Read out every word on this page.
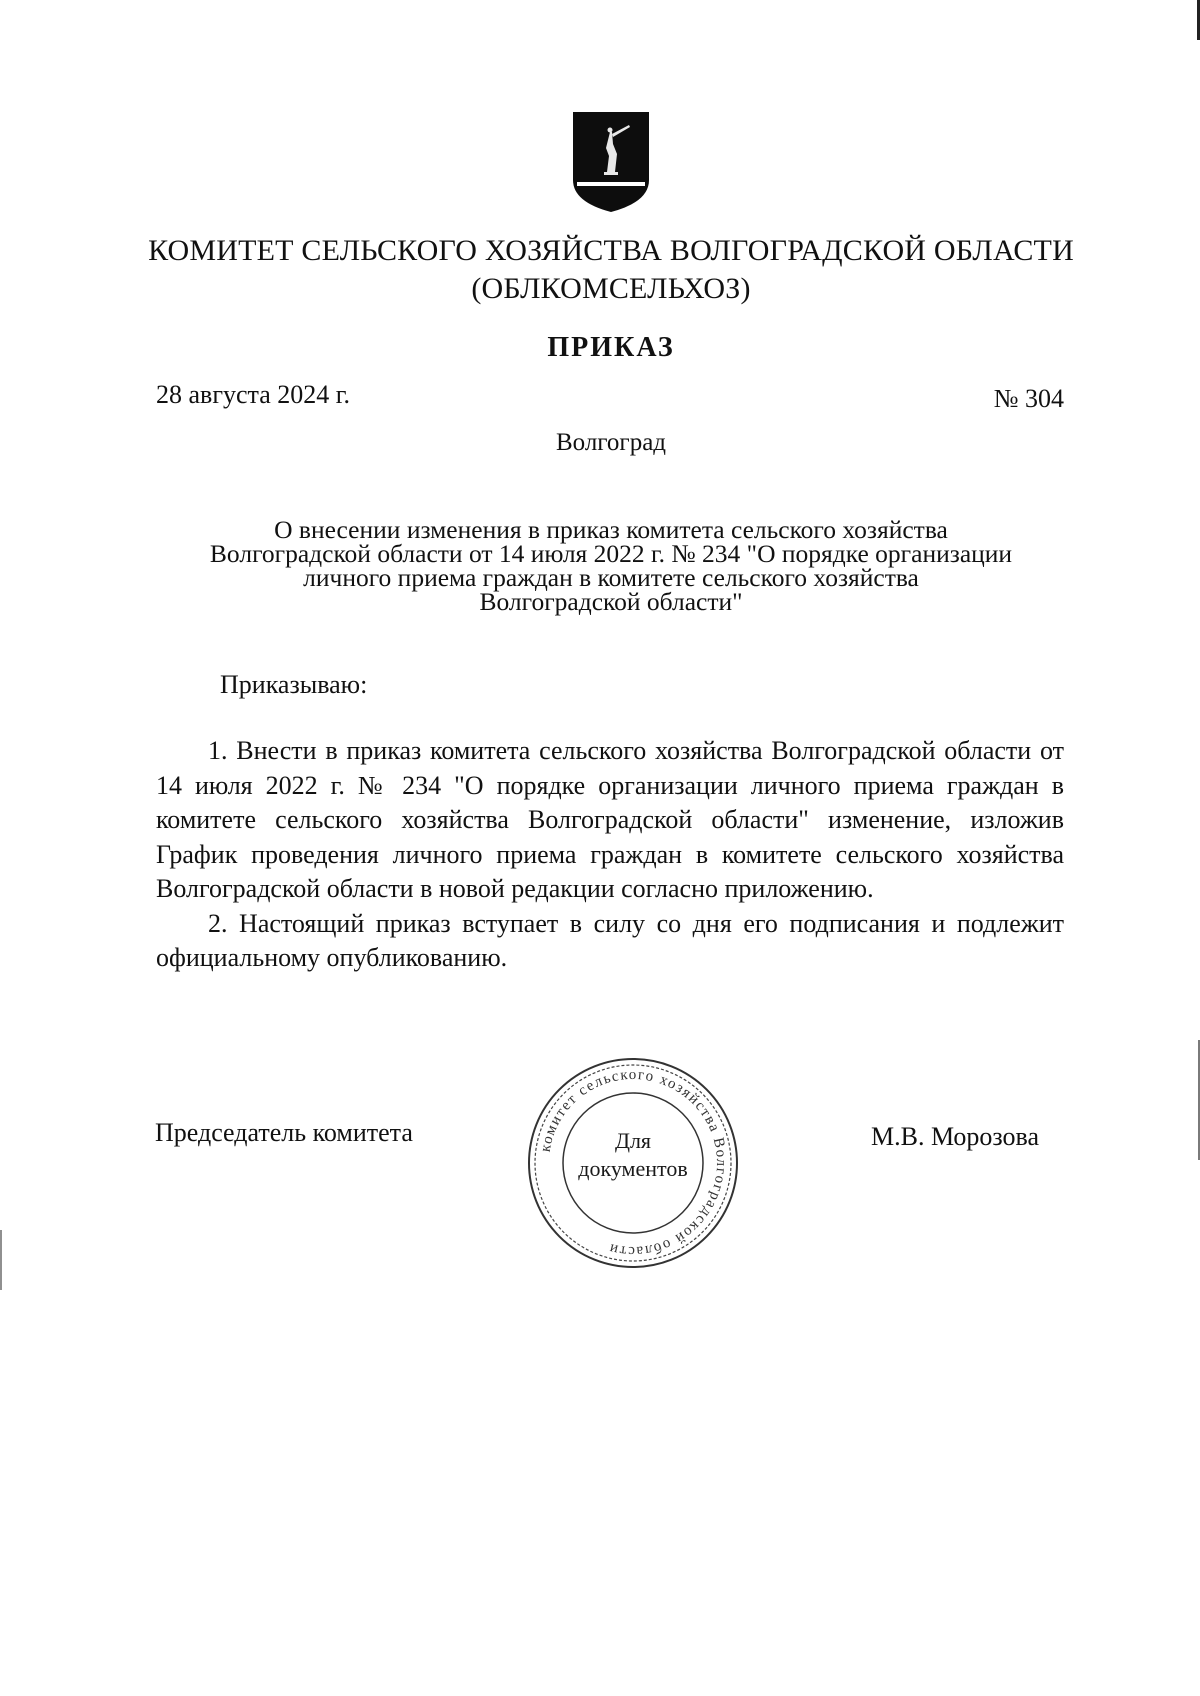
КОМИТЕТ СЕЛЬСКОГО ХОЗЯЙСТВА ВОЛГОГРАДСКОЙ ОБЛАСТИ
(ОБЛКОМСЕЛЬХОЗ)
ПРИКАЗ
28 августа 2024 г.	№ 304
Волгоград
О внесении изменения в приказ комитета сельского хозяйства
Волгоградской области от 14 июля 2022 г. № 234 "О порядке организации
личного приема граждан в комитете сельского хозяйства
Волгоградской области"
Приказываю:

1. Внести в приказ комитета сельского хозяйства Волгоградской области от 14 июля 2022 г. № 234 "О порядке организации личного приема граждан в комитете сельского хозяйства Волгоградской области" изменение, изложив График проведения личного приема граждан в комитете сельского хозяйства Волгоградской области в новой редакции согласно приложению.

2. Настоящий приказ вступает в силу со дня его подписания и подлежит официальному опубликованию.

Председатель комитета	М.В. Морозова
комитет сельского хозяйства Волгоградской области
Для
документов
